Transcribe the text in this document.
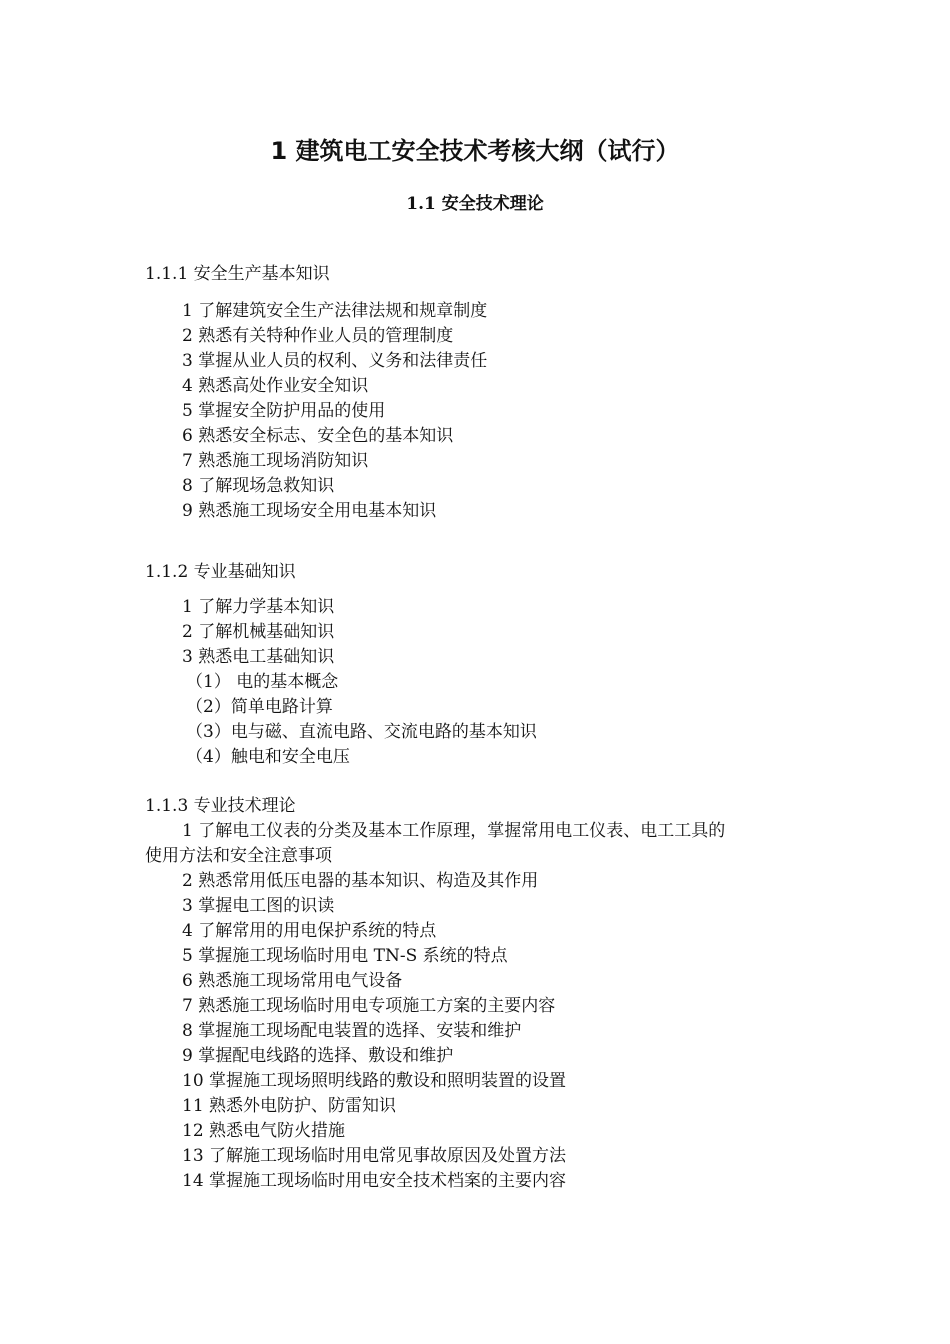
1 建筑电工安全技术考核大纲（试行）
1.1 安全技术理论
1.1.1 安全生产基本知识
1 了解建筑安全生产法律法规和规章制度
2 熟悉有关特种作业人员的管理制度
3 掌握从业人员的权利、义务和法律责任
4 熟悉高处作业安全知识
5 掌握安全防护用品的使用
6 熟悉安全标志、安全色的基本知识
7 熟悉施工现场消防知识
8 了解现场急救知识
9 熟悉施工现场安全用电基本知识
1.1.2 专业基础知识
1 了解力学基本知识
2 了解机械基础知识
3 熟悉电工基础知识
（1） 电的基本概念
（2）简单电路计算
（3）电与磁、直流电路、交流电路的基本知识
（4）触电和安全电压
1.1.3 专业技术理论
1 了解电工仪表的分类及基本工作原理，掌握常用电工仪表、电工工具的
使用方法和安全注意事项
2 熟悉常用低压电器的基本知识、构造及其作用
3 掌握电工图的识读
4 了解常用的用电保护系统的特点
5 掌握施工现场临时用电 TN-S 系统的特点
6 熟悉施工现场常用电气设备
7 熟悉施工现场临时用电专项施工方案的主要内容
8 掌握施工现场配电装置的选择、安装和维护
9 掌握配电线路的选择、敷设和维护
10 掌握施工现场照明线路的敷设和照明装置的设置
11 熟悉外电防护、防雷知识
12 熟悉电气防火措施
13 了解施工现场临时用电常见事故原因及处置方法
14 掌握施工现场临时用电安全技术档案的主要内容
